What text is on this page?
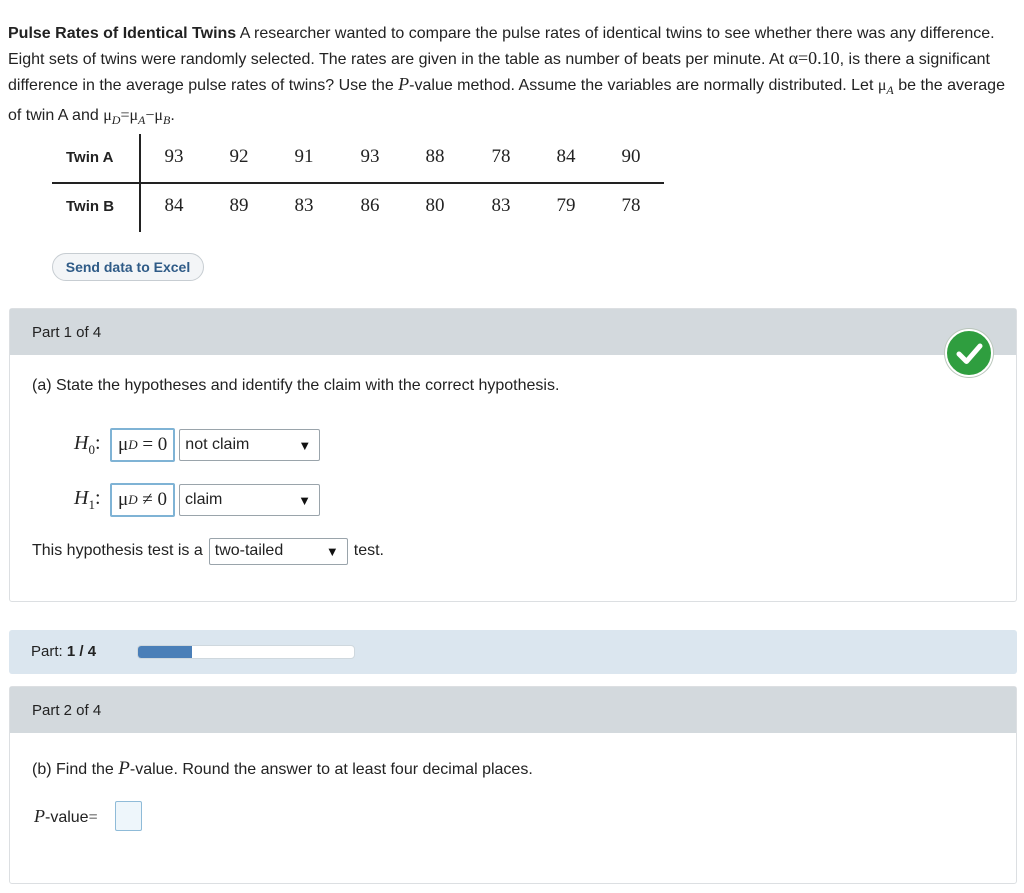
Pulse Rates of Identical Twins A researcher wanted to compare the pulse rates of identical twins to see whether there was any difference. Eight sets of twins were randomly selected. The rates are given in the table as number of beats per minute. At α=0.10, is there a significant difference in the average pulse rates of twins? Use the P-value method. Assume the variables are normally distributed. Let $\mu_A$ be the average of twin A and $\mu_D=\mu_A-\mu_B$.
Twin A	93	92	91	93	88	78	84	90
Twin B	84	89	83	86	80	83	79	78
Send data to Excel
Part 1 of 4
(a) State the hypotheses and identify the claim with the correct hypothesis.
$H_0$: μ D = 0 not claim	▼
$H_1$: μ D ≠ 0 claim	▼
This hypothesis test is a two-tailed	▼ test.
Part: 1 / 4
Part 2 of 4
(b) Find the P-value. Round the answer to at least four decimal places.
P-value=
